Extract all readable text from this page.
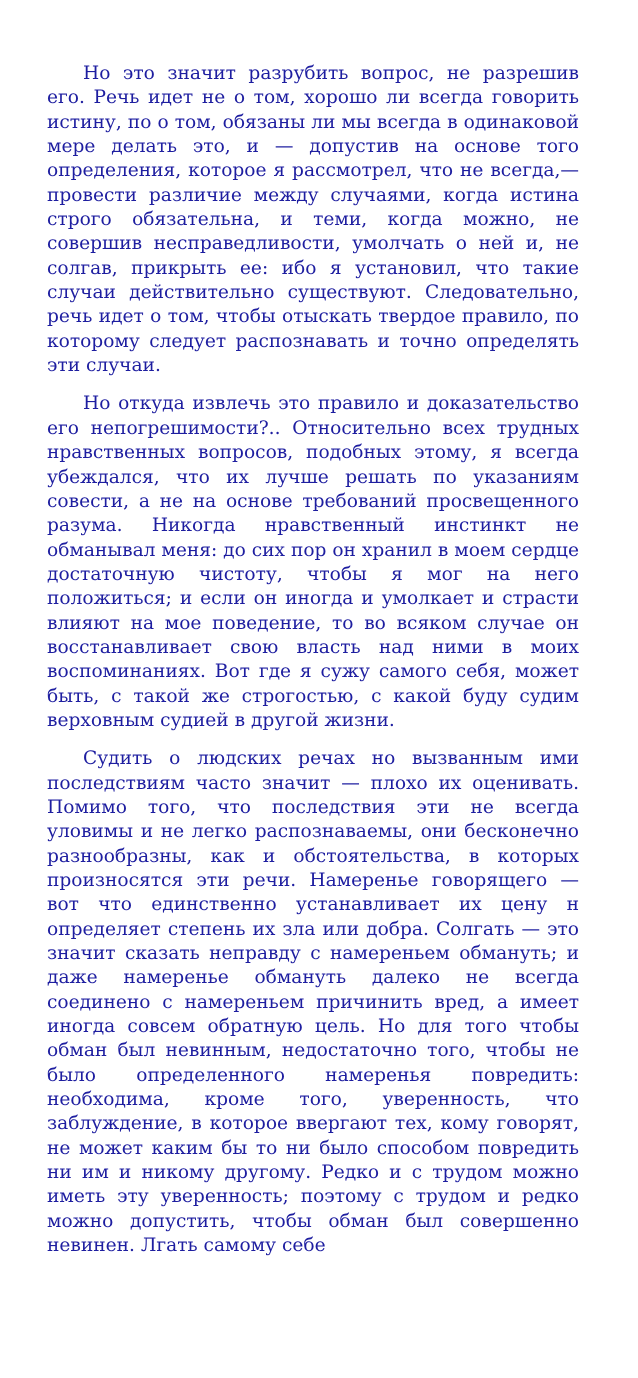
Но это значит разрубить вопрос, не разрешив его. Речь идет не о том, хорошо ли всегда говорить истину, по о том, обязаны ли мы всегда в одинаковой мере делать это, и — допустив на основе того определения, которое я рассмотрел, что не всегда,— провести различие между случаями, когда истина строго обязательна, и теми, когда можно, не совершив несправедливости, умолчать о ней и, не солгав, прикрыть ее: ибо я установил, что такие случаи действительно существуют. Следовательно, речь идет о том, чтобы отыскать твердое правило, по которому следует распознавать и точно определять эти случаи.

Но откуда извлечь это правило и доказательство его непогрешимости?.. Относительно всех трудных нравственных вопросов, подобных этому, я всегда убеждался, что их лучше решать по указаниям совести, а не на основе требований просвещенного разума. Никогда нравственный инстинкт не обманывал меня: до сих пор он хранил в моем сердце достаточную чистоту, чтобы я мог на него положиться; и если он иногда и умолкает и страсти влияют на мое поведение, то во всяком случае он восстанавливает свою власть над ними в моих воспоминаниях. Вот где я сужу самого себя, может быть, с такой же строгостью, с какой буду судим верховным судией в другой жизни.

Судить о людских речах но вызванным ими последствиям часто значит — плохо их оценивать. Помимо того, что последствия эти не всегда уловимы и не легко распознаваемы, они бесконечно разнообразны, как и обстоятельства, в которых произносятся эти речи. Намеренье говорящего — вот что единственно устанавливает их цену н определяет степень их зла или добра. Солгать — это значит сказать неправду с намереньем обмануть; и даже намеренье обмануть далеко не всегда соединено с намереньем причинить вред, а имеет иногда совсем обратную цель. Но для того чтобы обман был невинным, недостаточно того, чтобы не было определенного намеренья повредить: необходима, кроме того, уверенность, что заблуждение, в которое ввергают тех, кому говорят, не может каким бы то ни было способом повредить ни им и никому другому. Редко и с трудом можно иметь эту уверенность; поэтому с трудом и редко можно допустить, чтобы обман был совершенно невинен. Лгать самому себе
